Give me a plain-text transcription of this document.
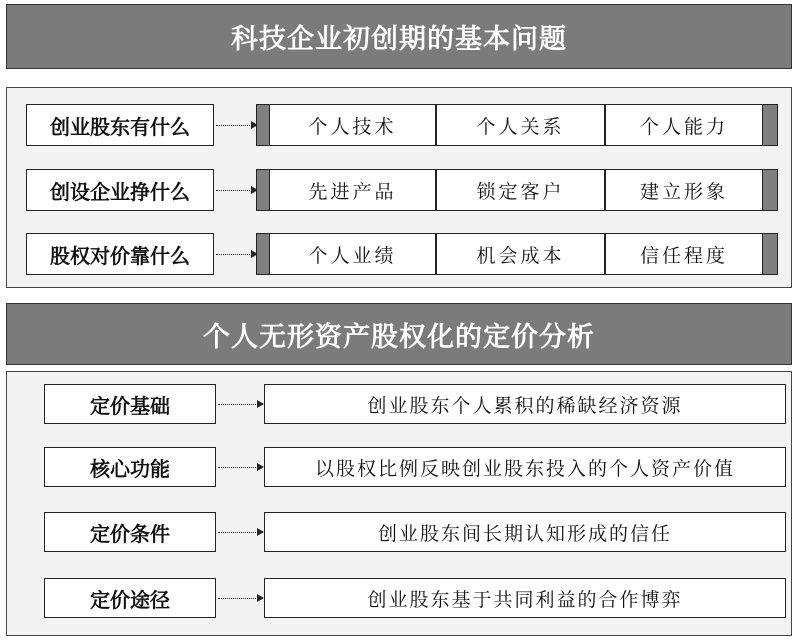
科技企业初创期的基本问题
创业股东有什么	个人技术	个人关系	个人能力
创设企业挣什么	先进产品	锁定客户	建立形象
股权对价靠什么	个人业绩	机会成本	信任程度
个人无形资产股权化的定价分析
定价基础	创业股东个人累积的稀缺经济资源
核心功能	以股权比例反映创业股东投入的个人资产价值
定价条件	创业股东间长期认知形成的信任
定价途径	创业股东基于共同利益的合作博弈
